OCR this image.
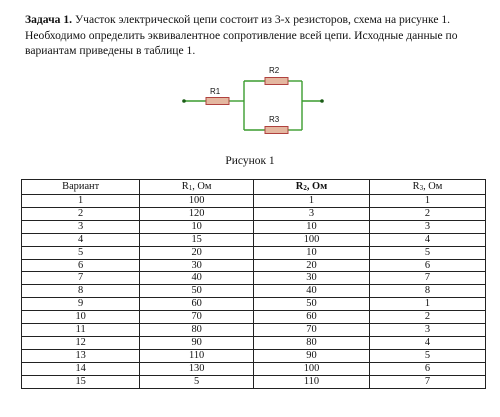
Задача 1. Участок электрической цепи состоит из 3-х резисторов, схема на рисунке 1. Необходимо определить эквивалентное сопротивление всей цепи. Исходные данные по вариантам приведены в таблице 1.
R1
R2
R3
Рисунок 1
Вариант	$R_1$, Ом	$R_2$, Ом	$R_3$, Ом
1	100	1	1
2	120	3	2
3	10	10	3
4	15	100	4
5	20	10	5
6	30	20	6
7	40	30	7
8	50	40	8
9	60	50	1
10	70	60	2
11	80	70	3
12	90	80	4
13	110	90	5
14	130	100	6
15	5	110	7
